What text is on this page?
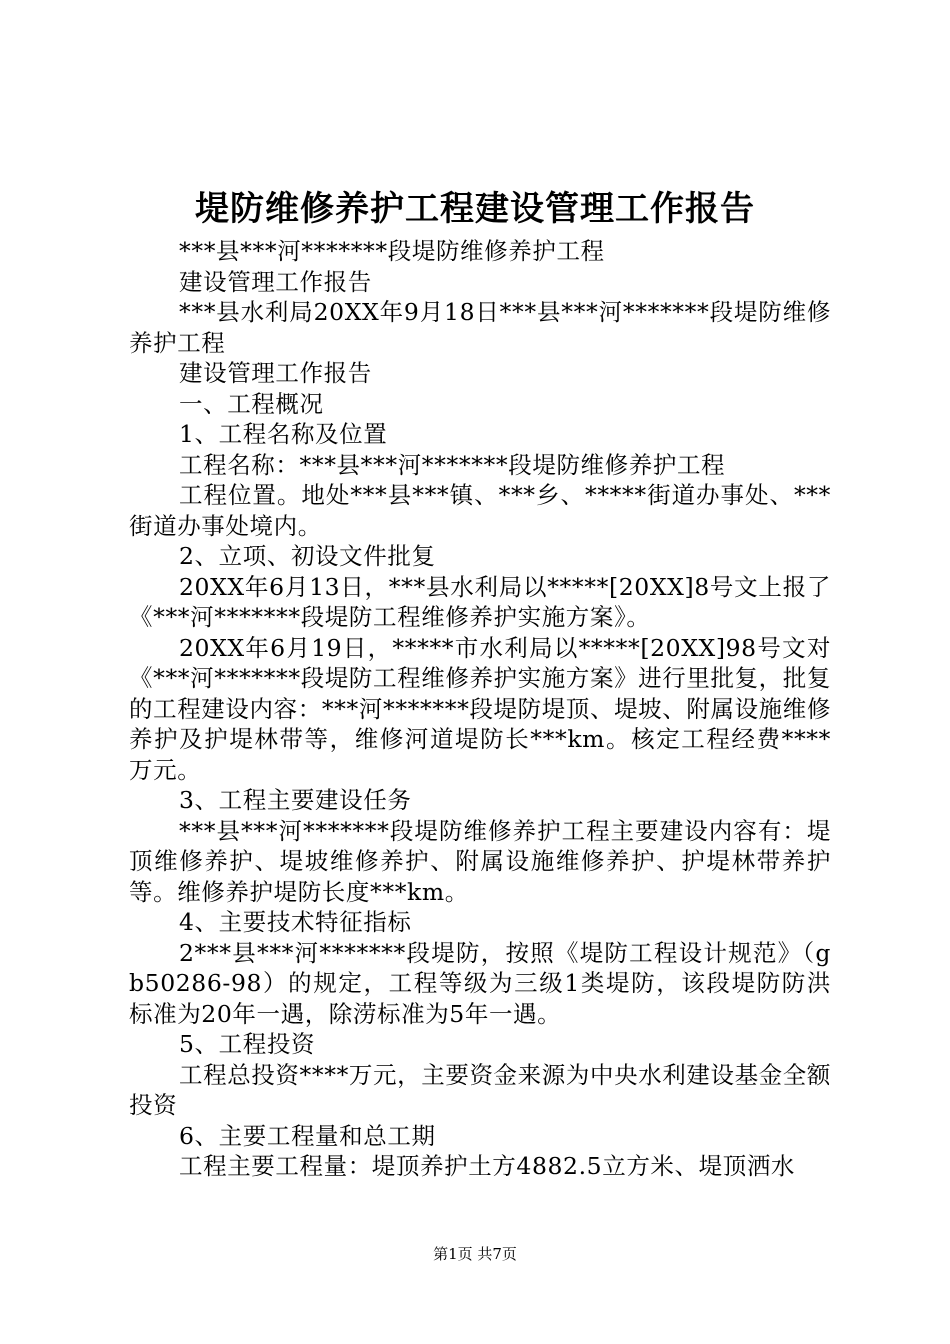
堤防维修养护工程建设管理工作报告

***县***河*******段堤防维修养护工程

建设管理工作报告

***县水利局20XX年9月18日***县***河*******段堤防维修养护工程

建设管理工作报告

一、工程概况

1、工程名称及位置

工程名称：***县***河*******段堤防维修养护工程

工程位置。地处***县***镇、***乡、*****街道办事处、***街道办事处境内。

2、立项、初设文件批复

20XX年6月13日，***县水利局以*****[20XX]8号文上报了《***河*******段堤防工程维修养护实施方案》。

20XX年6月19日，*****市水利局以*****[20XX]98号文对《***河*******段堤防工程维修养护实施方案》进行里批复，批复的工程建设内容：***河*******段堤防堤顶、堤坡、附属设施维修养护及护堤林带等，维修河道堤防长***km。核定工程经费****万元。

3、工程主要建设任务

***县***河*******段堤防维修养护工程主要建设内容有：堤顶维修养护、堤坡维修养护、附属设施维修养护、护堤林带养护等。维修养护堤防长度***km。

4、主要技术特征指标

2***县***河*******段堤防，按照《堤防工程设计规范》（gb50286-98）的规定，工程等级为三级1类堤防，该段堤防防洪标准为20年一遇，除涝标准为5年一遇。

5、工程投资

工程总投资****万元，主要资金来源为中央水利建设基金全额投资

6、主要工程量和总工期

工程主要工程量：堤顶养护土方4882.5立方米、堤顶洒水

第1页 共7页
